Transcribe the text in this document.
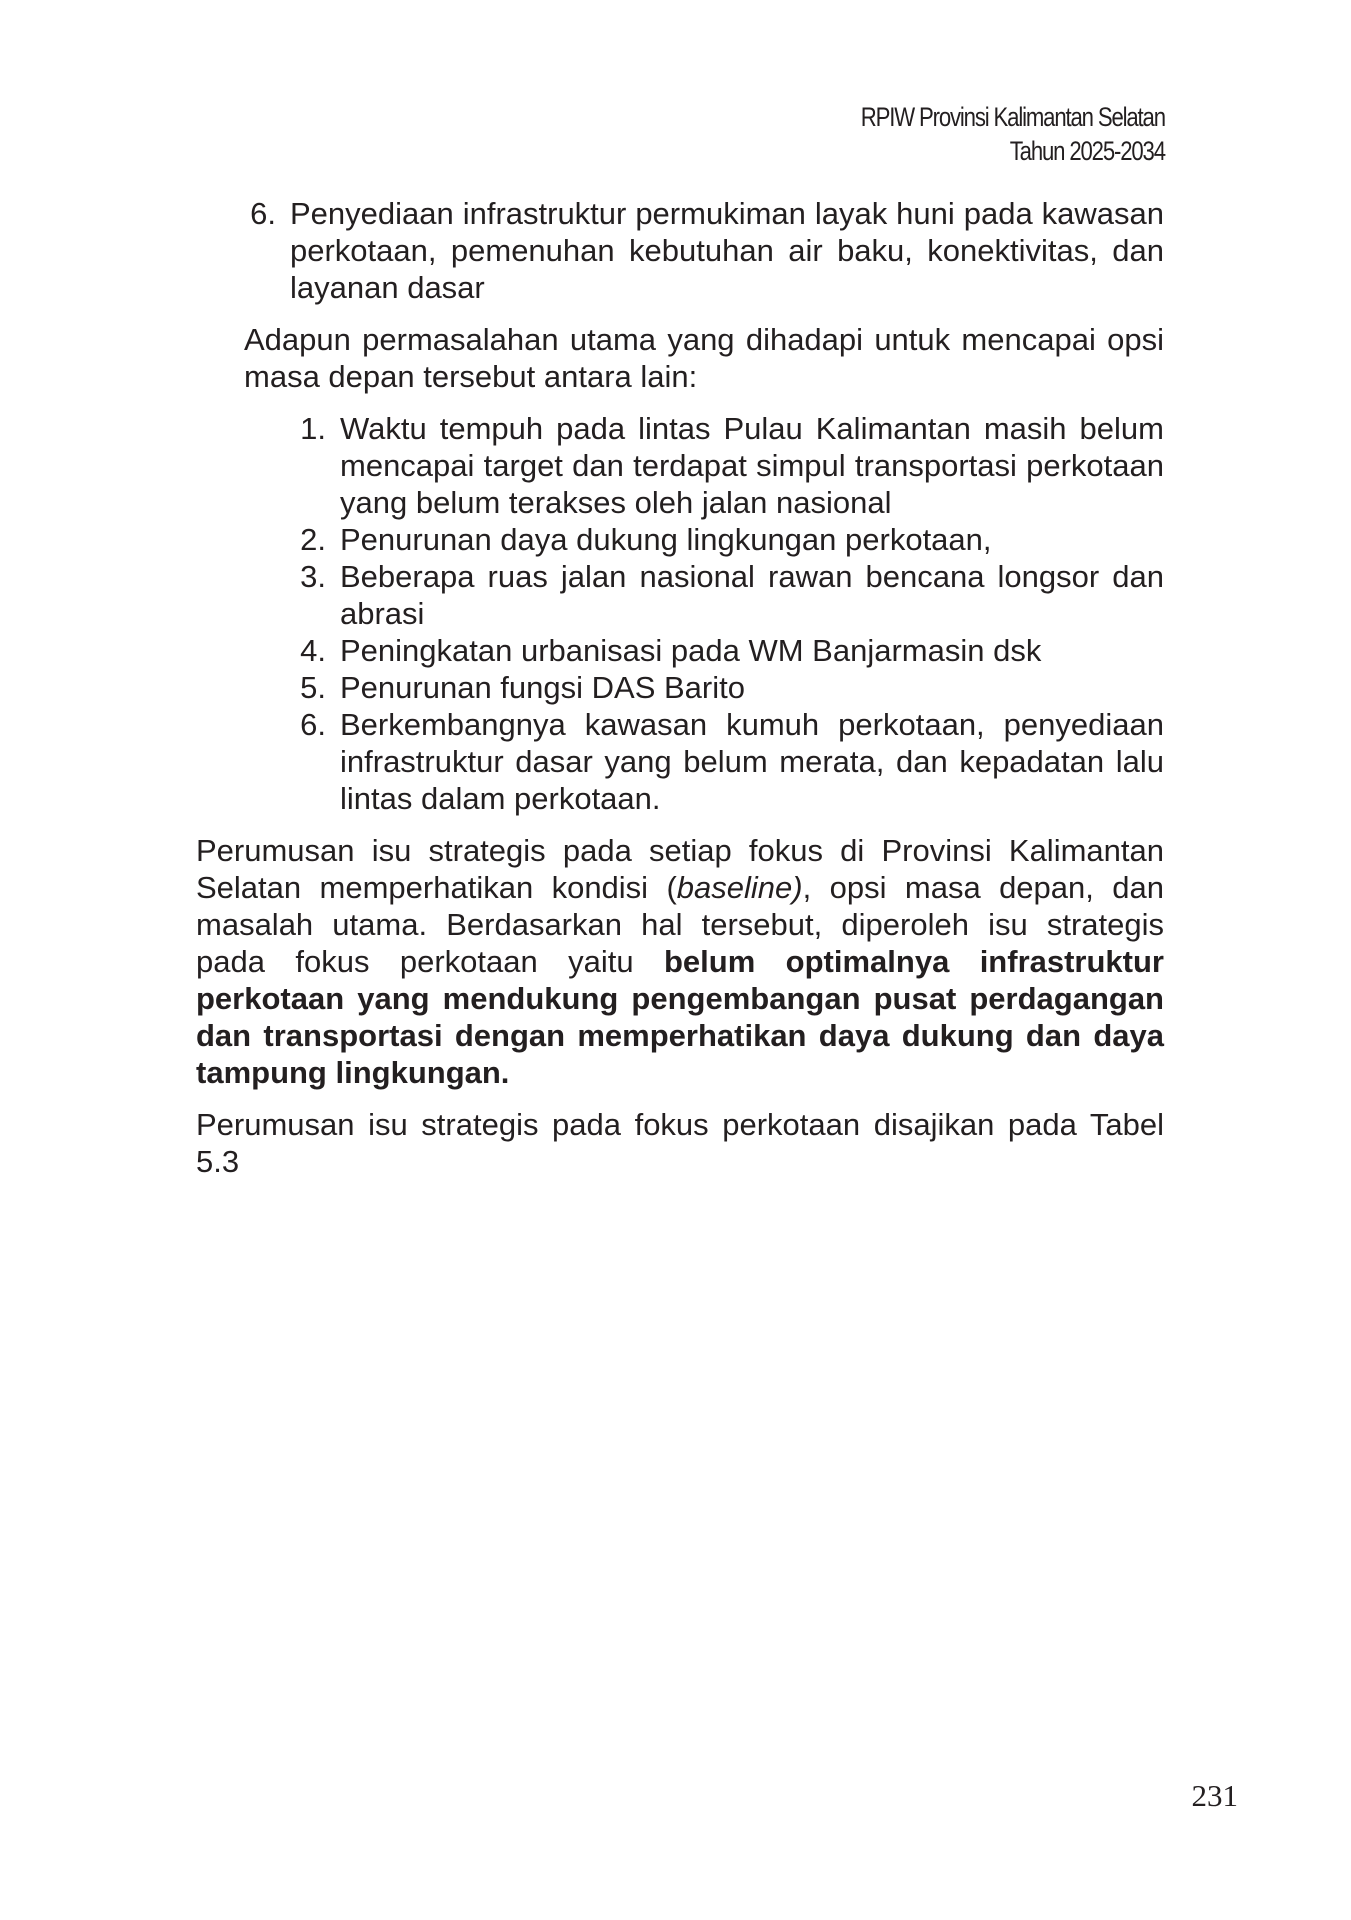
RPIW Provinsi Kalimantan Selatan
Tahun 2025-2034
6. Penyediaan infrastruktur permukiman layak huni pada kawasan perkotaan, pemenuhan kebutuhan air baku, konektivitas, dan layanan dasar

Adapun permasalahan utama yang dihadapi untuk mencapai opsi masa depan tersebut antara lain:

1. Waktu tempuh pada lintas Pulau Kalimantan masih belum mencapai target dan terdapat simpul transportasi perkotaan yang belum terakses oleh jalan nasional
2. Penurunan daya dukung lingkungan perkotaan,
3. Beberapa ruas jalan nasional rawan bencana longsor dan abrasi
4. Peningkatan urbanisasi pada WM Banjarmasin dsk
5. Penurunan fungsi DAS Barito
6. Berkembangnya kawasan kumuh perkotaan, penyediaan infrastruktur dasar yang belum merata, dan kepadatan lalu lintas dalam perkotaan.

Perumusan isu strategis pada setiap fokus di Provinsi Kalimantan Selatan memperhatikan kondisi (baseline), opsi masa depan, dan masalah utama. Berdasarkan hal tersebut, diperoleh isu strategis pada fokus perkotaan yaitu belum optimalnya infrastruktur perkotaan yang mendukung pengembangan pusat perdagangan dan transportasi dengan memperhatikan daya dukung dan daya tampung lingkungan.

Perumusan isu strategis pada fokus perkotaan disajikan pada Tabel 5.3

231
